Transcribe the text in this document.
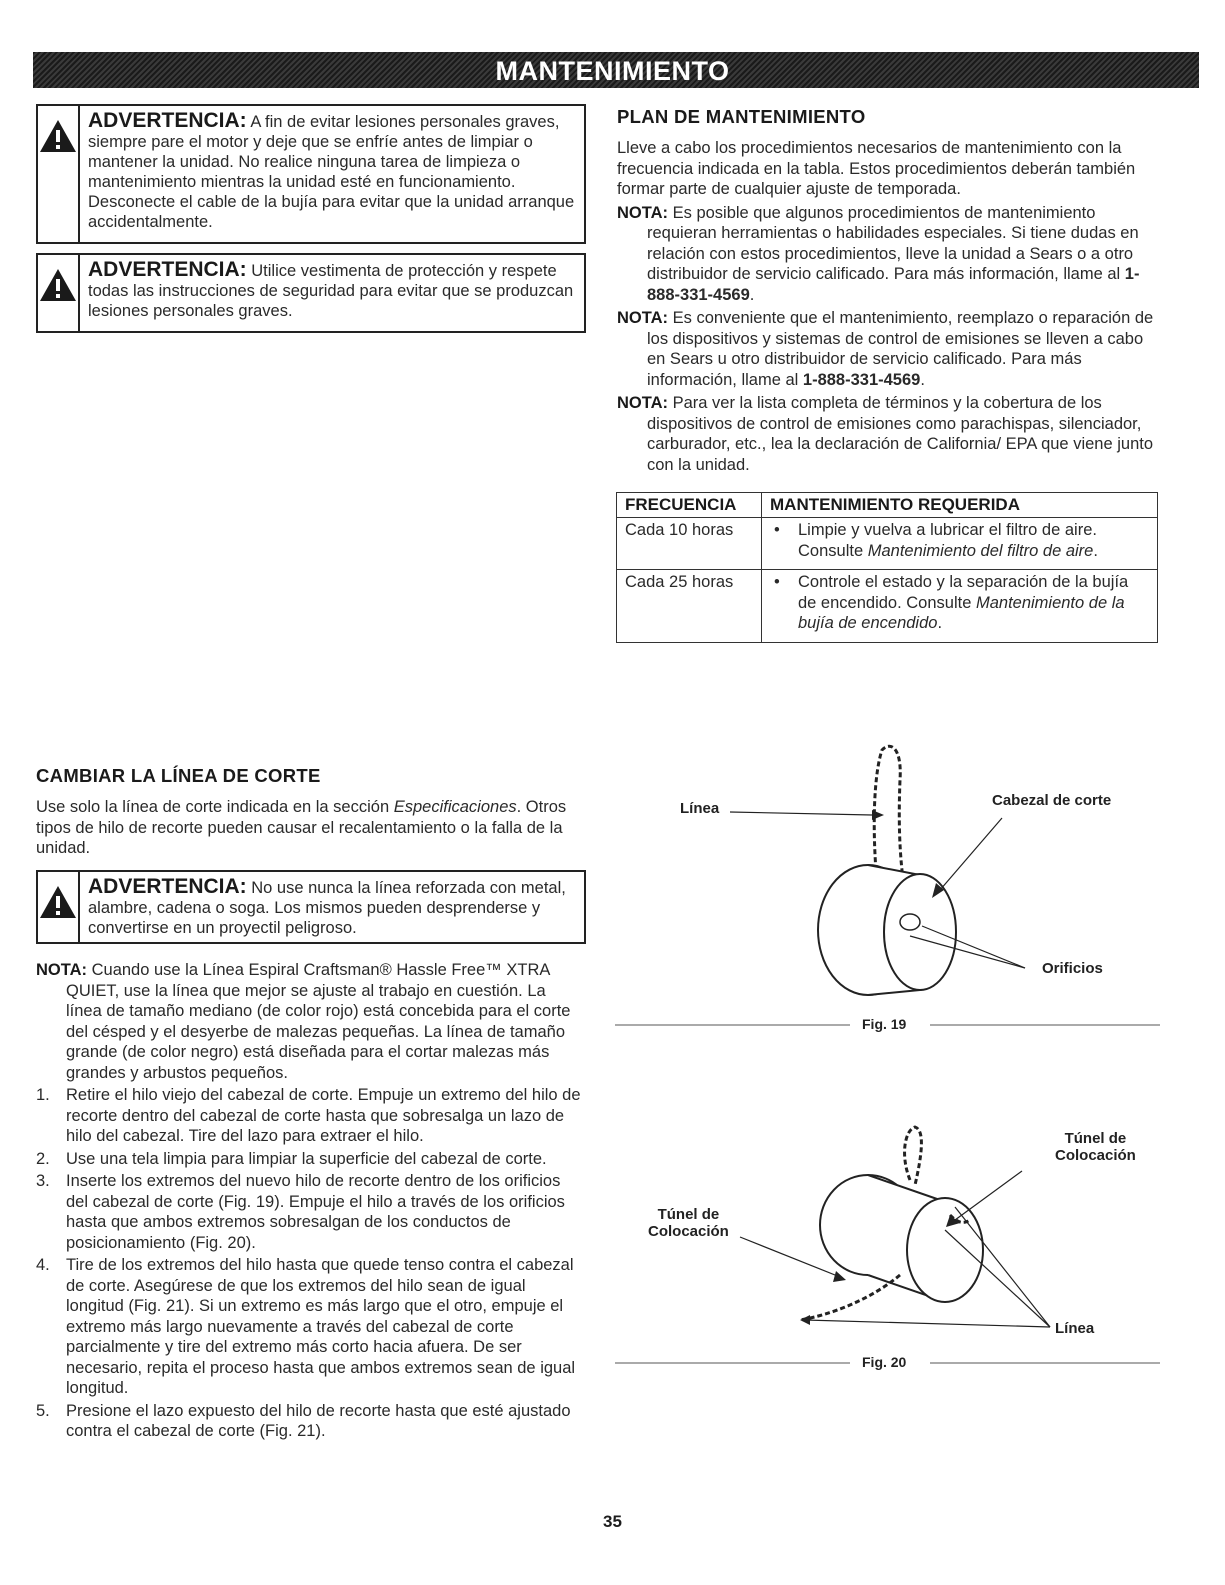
MANTENIMIENTO
ADVERTENCIA: A fin de evitar lesiones personales graves, siempre pare el motor y deje que se enfríe antes de limpiar o mantener la unidad. No realice ninguna tarea de limpieza o mantenimiento mientras la unidad esté en funcionamiento. Desconecte el cable de la bujía para evitar que la unidad arranque accidentalmente.
ADVERTENCIA: Utilice vestimenta de protección y respete todas las instrucciones de seguridad para evitar que se produzcan lesiones personales graves.
PLAN DE MANTENIMIENTO

Lleve a cabo los procedimientos necesarios de mantenimiento con la frecuencia indicada en la tabla. Estos procedimientos deberán también formar parte de cualquier ajuste de temporada.

NOTA: Es posible que algunos procedimientos de mantenimiento requieran herramientas o habilidades especiales. Si tiene dudas en relación con estos procedimientos, lleve la unidad a Sears o a otro distribuidor de servicio calificado. Para más información, llame al 1-888-331-4569.

NOTA: Es conveniente que el mantenimiento, reemplazo o reparación de los dispositivos y sistemas de control de emisiones se lleven a cabo en Sears u otro distribuidor de servicio calificado. Para más información, llame al 1-888-331-4569.

NOTA: Para ver la lista completa de términos y la cobertura de los dispositivos de control de emisiones como parachispas, silenciador, carburador, etc., lea la declaración de California/ EPA que viene junto con la unidad.

FRECUENCIA	MANTENIMIENTO REQUERIDA
Cada 10 horas	• Limpie y vuelva a lubricar el filtro de aire. Consulte Mantenimiento del filtro de aire.

Cada 25 horas	• Controle el estado y la separación de la bujía de encendido. Consulte Mantenimiento de la bujía de encendido.
CAMBIAR LA LÍNEA DE CORTE

Use solo la línea de corte indicada en la sección Especificaciones. Otros tipos de hilo de recorte pueden causar el recalentamiento o la falla de la unidad.

ADVERTENCIA: No use nunca la línea reforzada con metal, alambre, cadena o soga. Los mismos pueden desprenderse y convertirse en un proyectil peligroso.

NOTA: Cuando use la Línea Espiral Craftsman® Hassle Free™ XTRA QUIET, use la línea que mejor se ajuste al trabajo en cuestión. La línea de tamaño mediano (de color rojo) está concebida para el corte del césped y el desyerbe de malezas pequeñas. La línea de tamaño grande (de color negro) está diseñada para el cortar malezas más grandes y arbustos pequeños.

1. Retire el hilo viejo del cabezal de corte. Empuje un extremo del hilo de recorte dentro del cabezal de corte hasta que sobresalga un lazo de hilo del cabezal. Tire del lazo para extraer el hilo.
2. Use una tela limpia para limpiar la superficie del cabezal de corte.
3. Inserte los extremos del nuevo hilo de recorte dentro de los orificios del cabezal de corte (Fig. 19). Empuje el hilo a través de los orificios hasta que ambos extremos sobresalgan de los conductos de posicionamiento (Fig. 20).
4. Tire de los extremos del hilo hasta que quede tenso contra el cabezal de corte. Asegúrese de que los extremos del hilo sean de igual longitud (Fig. 21). Si un extremo es más largo que el otro, empuje el extremo más largo nuevamente a través del cabezal de corte parcialmente y tire del extremo más corto hacia afuera. De ser necesario, repita el proceso hasta que ambos extremos sean de igual longitud.
5. Presione el lazo expuesto del hilo de recorte hasta que esté ajustado contra el cabezal de corte (Fig. 21).
Línea	Cabezal de corte
Orificios
Fig. 19
Túnel de
Colocación
Túnel de
Colocación
Línea
Fig. 20
35
